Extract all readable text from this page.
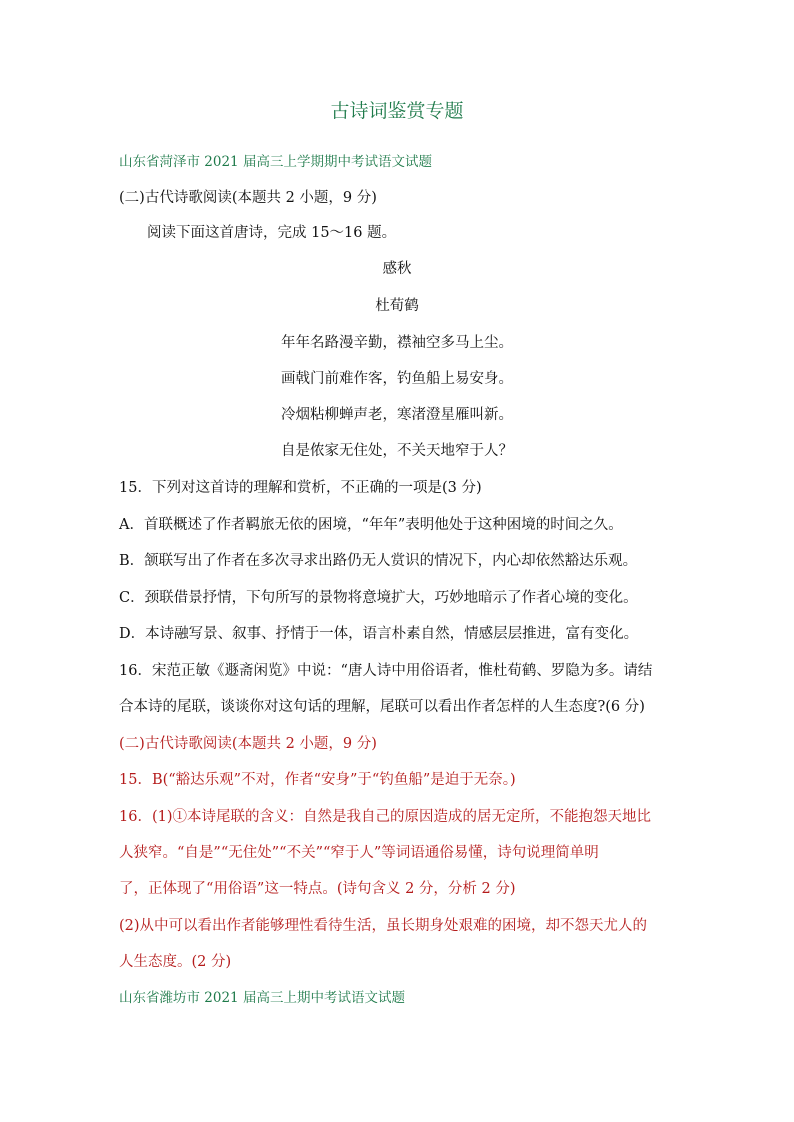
古诗词鉴赏专题
山东省菏泽市 2021 届高三上学期期中考试语文试题
(二)古代诗歌阅读(本题共 2 小题，9 分)
阅读下面这首唐诗，完成 15～16 题。
感秋
杜荀鹤
年年名路漫辛勤，襟袖空多马上尘。
画戟门前难作客，钓鱼船上易安身。
冷烟粘柳蝉声老，寒渚澄星雁叫新。
自是侬家无住处，不关天地窄于人？
15．下列对这首诗的理解和赏析，不正确的一项是(3 分)
A．首联概述了作者羁旅无依的困境，“年年”表明他处于这种困境的时间之久。
B．颔联写出了作者在多次寻求出路仍无人赏识的情况下，内心却依然豁达乐观。
C．颈联借景抒情，下句所写的景物将意境扩大，巧妙地暗示了作者心境的变化。
D．本诗融写景、叙事、抒情于一体，语言朴素自然，情感层层推进，富有变化。
16．宋范正敏《遯斋闲览》中说：“唐人诗中用俗语者，惟杜荀鹤、罗隐为多。请结
合本诗的尾联，谈谈你对这句话的理解，尾联可以看出作者怎样的人生态度?(6 分)
(二)古代诗歌阅读(本题共 2 小题，9 分)
15．B(“豁达乐观”不对，作者“安身”于“钓鱼船”是迫于无奈。)
16．(1)①本诗尾联的含义：自然是我自己的原因造成的居无定所，不能抱怨天地比
人狭窄。“自是”“无住处”“不关”“窄于人”等词语通俗易懂，诗句说理简单明
了，正体现了“用俗语”这一特点。(诗句含义 2 分，分析 2 分)
(2)从中可以看出作者能够理性看待生活，虽长期身处艰难的困境，却不怨天尤人的
人生态度。(2 分)
山东省潍坊市 2021 届高三上期中考试语文试题
